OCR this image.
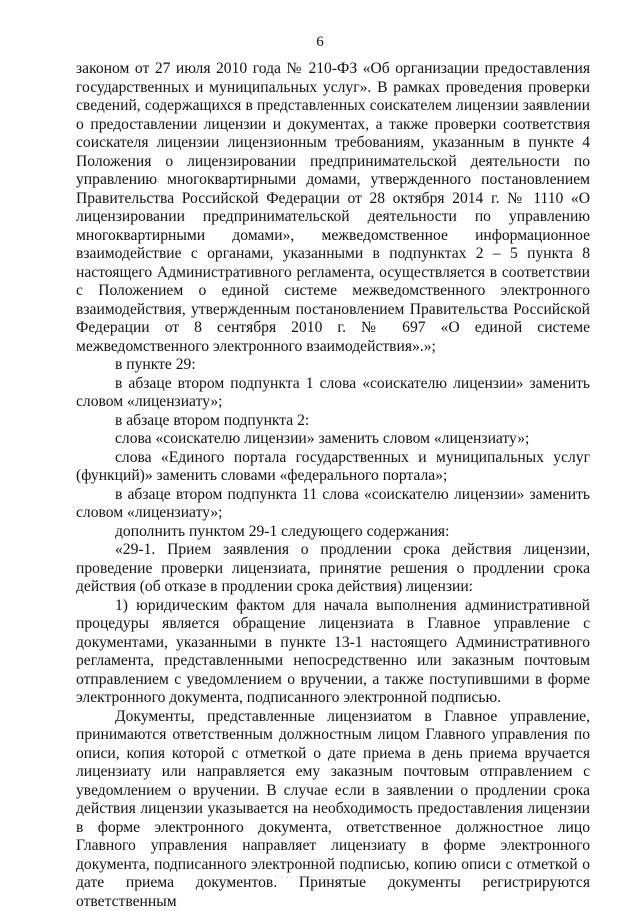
6

законом от 27 июля 2010 года № 210-ФЗ «Об организации предоставления государственных и муниципальных услуг». В рамках проведения проверки сведений, содержащихся в представленных соискателем лицензии заявлении о предоставлении лицензии и документах, а также проверки соответствия соискателя лицензии лицензионным требованиям, указанным в пункте 4 Положения о лицензировании предпринимательской деятельности по управлению многоквартирными домами, утвержденного постановлением Правительства Российской Федерации от 28 октября 2014 г. № 1110 «О лицензировании предпринимательской деятельности по управлению многоквартирными домами», межведомственное информационное взаимодействие с органами, указанными в подпунктах 2 – 5 пункта 8 настоящего Административного регламента, осуществляется в соответствии с Положением о единой системе межведомственного электронного взаимодействия, утвержденным постановлением Правительства Российской Федерации от 8 сентября 2010 г. № 697 «О единой системе межведомственного электронного взаимодействия».»;

в пункте 29:

в абзаце втором подпункта 1 слова «соискателю лицензии» заменить словом «лицензиату»;

в абзаце втором подпункта 2:

слова «соискателю лицензии» заменить словом «лицензиату»;

слова «Единого портала государственных и муниципальных услуг (функций)» заменить словами «федерального портала»;

в абзаце втором подпункта 11 слова «соискателю лицензии» заменить словом «лицензиату»;

дополнить пунктом 29-1 следующего содержания:

«29-1. Прием заявления о продлении срока действия лицензии, проведение проверки лицензиата, принятие решения о продлении срока действия (об отказе в продлении срока действия) лицензии:

1) юридическим фактом для начала выполнения административной процедуры является обращение лицензиата в Главное управление с документами, указанными в пункте 13-1 настоящего Административного регламента, представленными непосредственно или заказным почтовым отправлением с уведомлением о вручении, а также поступившими в форме электронного документа, подписанного электронной подписью.

Документы, представленные лицензиатом в Главное управление, принимаются ответственным должностным лицом Главного управления по описи, копия которой с отметкой о дате приема в день приема вручается лицензиату или направляется ему заказным почтовым отправлением с уведомлением о вручении. В случае если в заявлении о продлении срока действия лицензии указывается на необходимость предоставления лицензии в форме электронного документа, ответственное должностное лицо Главного управления направляет лицензиату в форме электронного документа, подписанного электронной подписью, копию описи с отметкой о дате приема документов. Принятые документы регистрируются ответственным
